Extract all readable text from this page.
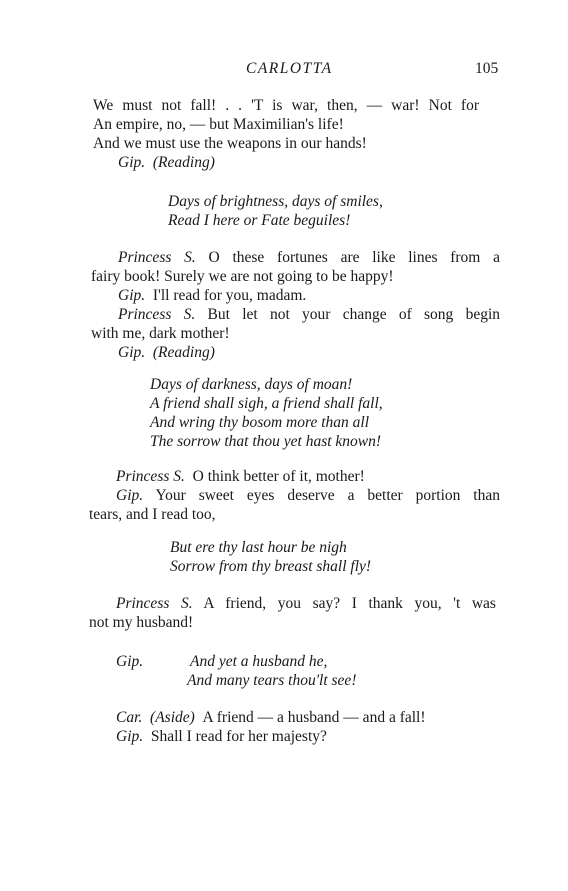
CARLOTTA	105
We must not fall! . . 'T is war, then, — war! Not for
An empire, no, — but Maximilian's life!
And we must use the weapons in our hands!
Gip. (Reading)
Days of brightness, days of smiles,
Read I here or Fate beguiles!
Princess S. O these fortunes are like lines from a
fairy book! Surely we are not going to be happy!
Gip. I'll read for you, madam.
Princess S. But let not your change of song begin
with me, dark mother!
Gip. (Reading)
Days of darkness, days of moan!
A friend shall sigh, a friend shall fall,
And wring thy bosom more than all
The sorrow that thou yet hast known!
Princess S. O think better of it, mother!
Gip. Your sweet eyes deserve a better portion than
tears, and I read too,
But ere thy last hour be nigh
Sorrow from thy breast shall fly!
Princess S. A friend, you say? I thank you, 't was
not my husband!
Gip.	And yet a husband he,
And many tears thou'lt see!
Car. (Aside) A friend — a husband — and a fall!
Gip. Shall I read for her majesty?
